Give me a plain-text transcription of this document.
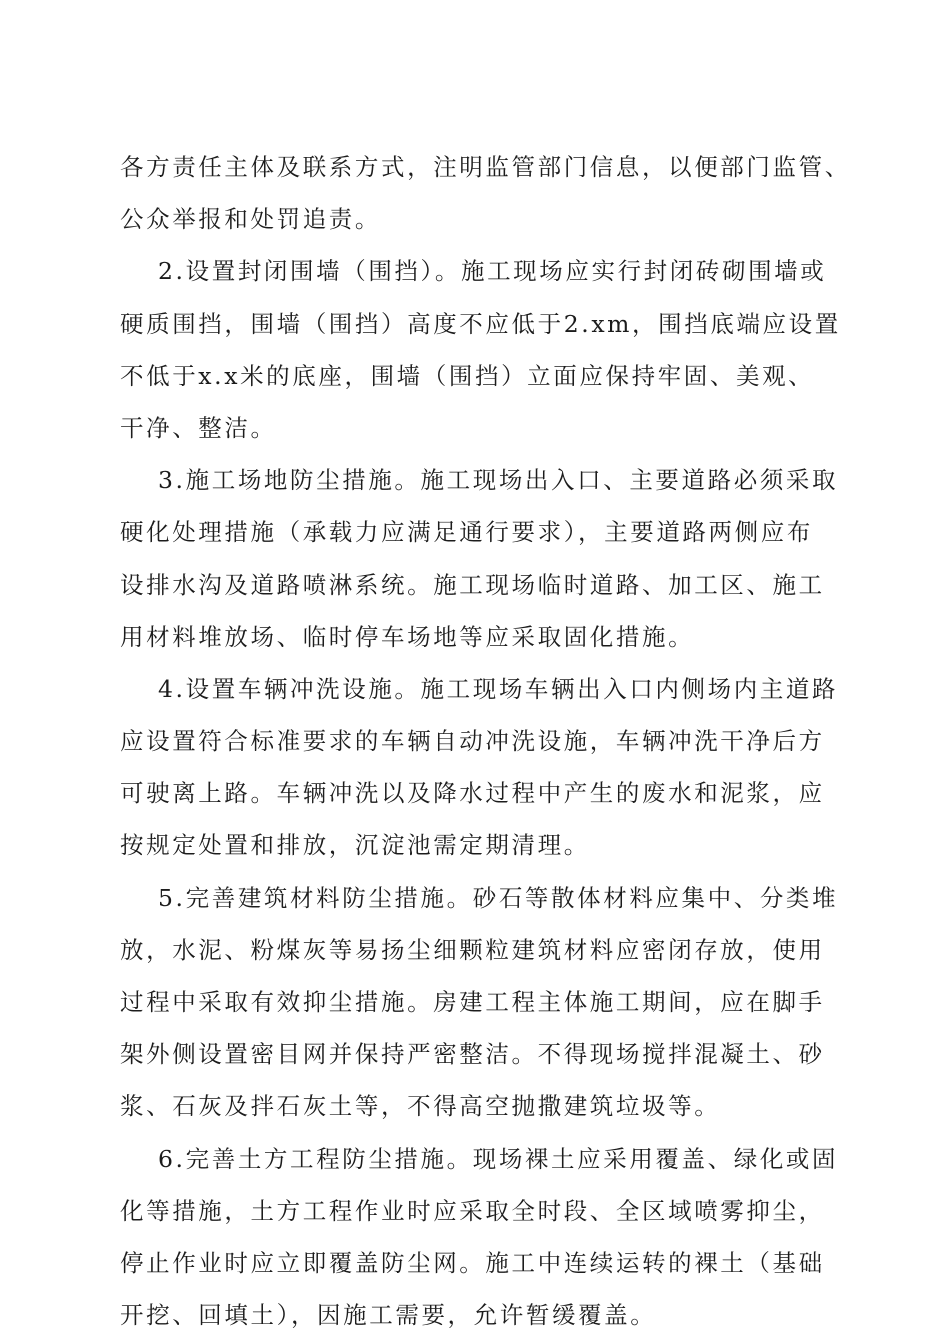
各方责任主体及联系方式，注明监管部门信息，以便部门监管、
公众举报和处罚追责。
2.设置封闭围墙（围挡）。施工现场应实行封闭砖砌围墙或
硬质围挡，围墙（围挡）高度不应低于2.xm，围挡底端应设置
不低于x.x米的底座，围墙（围挡）立面应保持牢固、美观、
干净、整洁。
3.施工场地防尘措施。施工现场出入口、主要道路必须采取
硬化处理措施（承载力应满足通行要求），主要道路两侧应布
设排水沟及道路喷淋系统。施工现场临时道路、加工区、施工
用材料堆放场、临时停车场地等应采取固化措施。
4.设置车辆冲洗设施。施工现场车辆出入口内侧场内主道路
应设置符合标准要求的车辆自动冲洗设施，车辆冲洗干净后方
可驶离上路。车辆冲洗以及降水过程中产生的废水和泥浆，应
按规定处置和排放，沉淀池需定期清理。
5.完善建筑材料防尘措施。砂石等散体材料应集中、分类堆
放，水泥、粉煤灰等易扬尘细颗粒建筑材料应密闭存放，使用
过程中采取有效抑尘措施。房建工程主体施工期间，应在脚手
架外侧设置密目网并保持严密整洁。不得现场搅拌混凝土、砂
浆、石灰及拌石灰土等，不得高空抛撒建筑垃圾等。
6.完善土方工程防尘措施。现场裸土应采用覆盖、绿化或固
化等措施，土方工程作业时应采取全时段、全区域喷雾抑尘，
停止作业时应立即覆盖防尘网。施工中连续运转的裸土（基础
开挖、回填土），因施工需要，允许暂缓覆盖。
